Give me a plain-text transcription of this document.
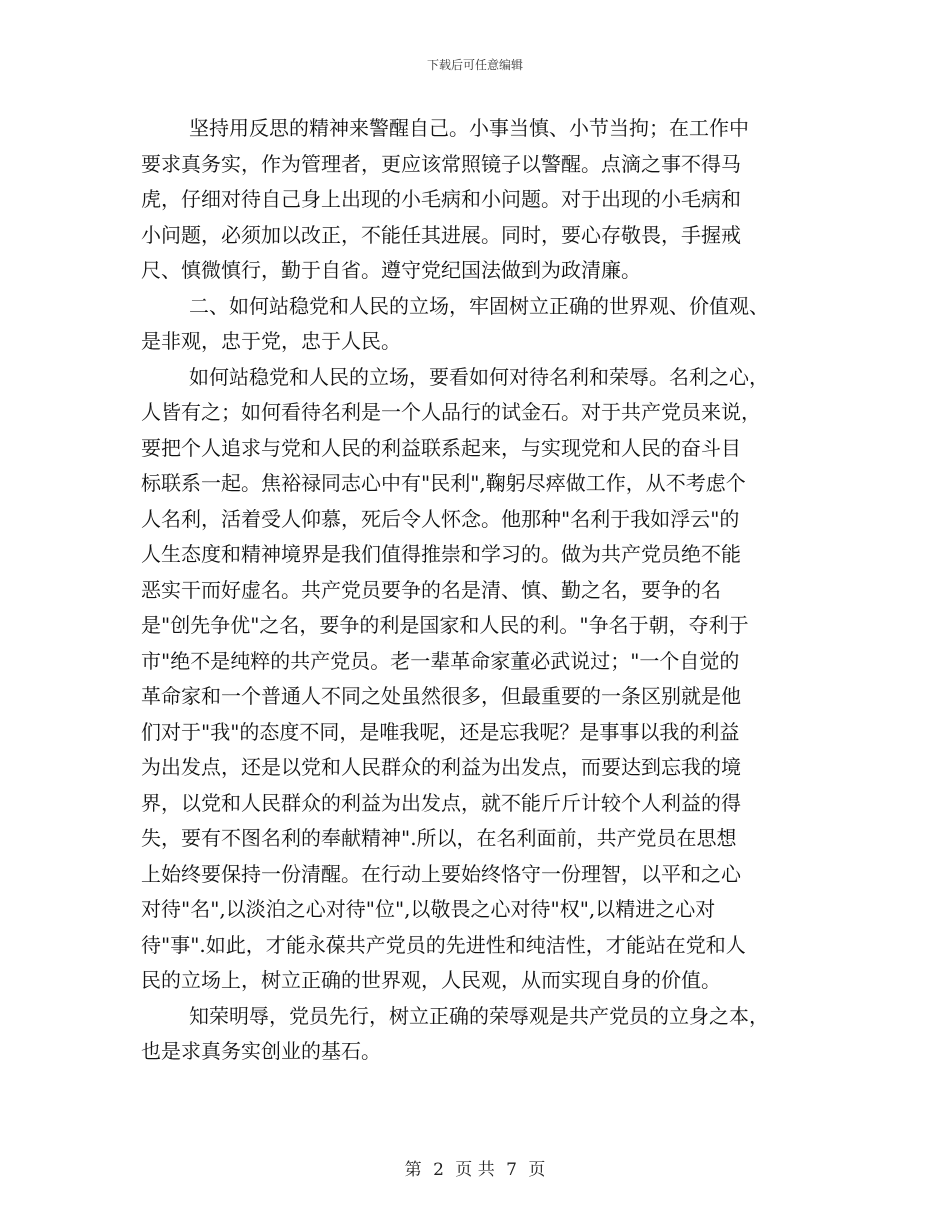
下载后可任意编辑
坚持用反思的精神来警醒自己。小事当慎、小节当拘；在工作中
要求真务实，作为管理者，更应该常照镜子以警醒。点滴之事不得马
虎，仔细对待自己身上出现的小毛病和小问题。对于出现的小毛病和
小问题，必须加以改正，不能任其进展。同时，要心存敬畏，手握戒
尺、慎微慎行，勤于自省。遵守党纪国法做到为政清廉。
二、如何站稳党和人民的立场，牢固树立正确的世界观、价值观、
是非观，忠于党，忠于人民。
如何站稳党和人民的立场，要看如何对待名利和荣辱。名利之心，
人皆有之；如何看待名利是一个人品行的试金石。对于共产党员来说，
要把个人追求与党和人民的利益联系起来，与实现党和人民的奋斗目
标联系一起。焦裕禄同志心中有"民利",鞠躬尽瘁做工作，从不考虑个
人名利，活着受人仰慕，死后令人怀念。他那种"名利于我如浮云"的
人生态度和精神境界是我们值得推崇和学习的。做为共产党员绝不能
恶实干而好虚名。共产党员要争的名是清、慎、勤之名，要争的名
是"创先争优"之名，要争的利是国家和人民的利。"争名于朝，夺利于
市"绝不是纯粹的共产党员。老一辈革命家董必武说过；"一个自觉的
革命家和一个普通人不同之处虽然很多，但最重要的一条区别就是他
们对于"我"的态度不同，是唯我呢，还是忘我呢？是事事以我的利益
为出发点，还是以党和人民群众的利益为出发点，而要达到忘我的境
界，以党和人民群众的利益为出发点，就不能斤斤计较个人利益的得
失，要有不图名利的奉献精神".所以，在名利面前，共产党员在思想
上始终要保持一份清醒。在行动上要始终恪守一份理智，以平和之心
对待"名",以淡泊之心对待"位",以敬畏之心对待"权",以精进之心对
待"事".如此，才能永葆共产党员的先进性和纯洁性，才能站在党和人
民的立场上，树立正确的世界观，人民观，从而实现自身的价值。
知荣明辱，党员先行，树立正确的荣辱观是共产党员的立身之本，
也是求真务实创业的基石。
第 2 页 共 7 页
